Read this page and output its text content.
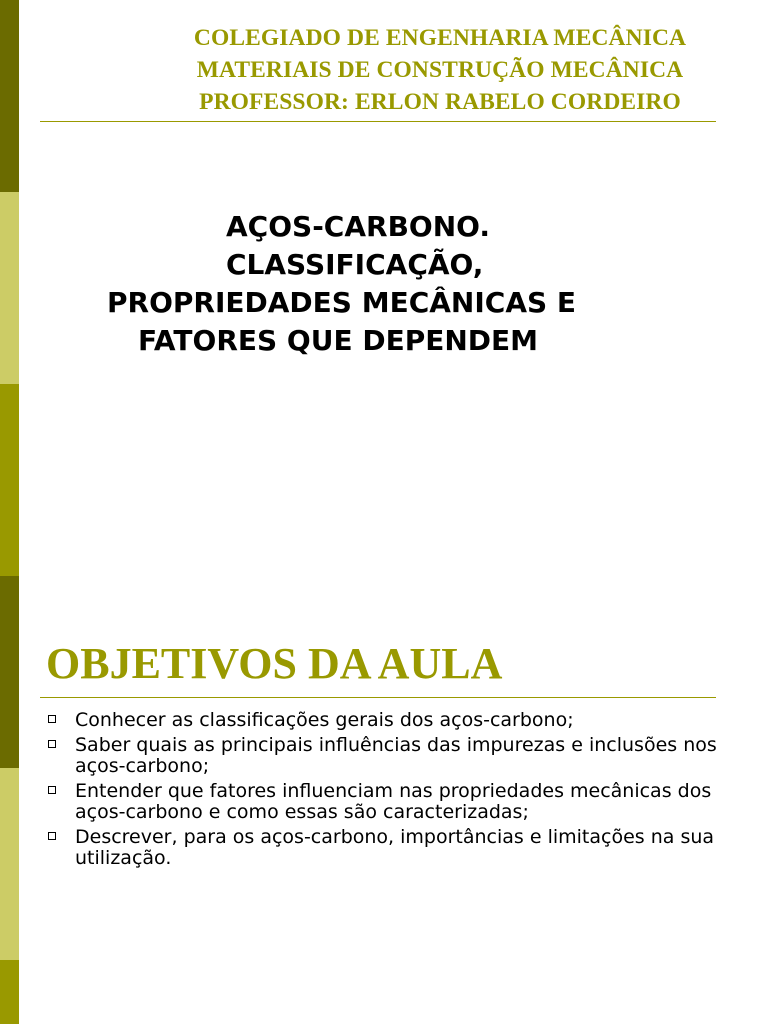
COLEGIADO DE ENGENHARIA MECÂNICA
MATERIAIS DE CONSTRUÇÃO MECÂNICA
PROFESSOR: ERLON RABELO CORDEIRO
AÇOS-CARBONO.
CLASSIFICAÇÃO,
PROPRIEDADES MECÂNICAS E
FATORES QUE DEPENDEM
OBJETIVOS DA AULA
Conhecer as classificações gerais dos aços-carbono;
Saber quais as principais influências das impurezas e inclusões nos aços-carbono;
Entender que fatores influenciam nas propriedades mecânicas dos aços-carbono e como essas são caracterizadas;
Descrever, para os aços-carbono, importâncias e limitações na sua utilização.
